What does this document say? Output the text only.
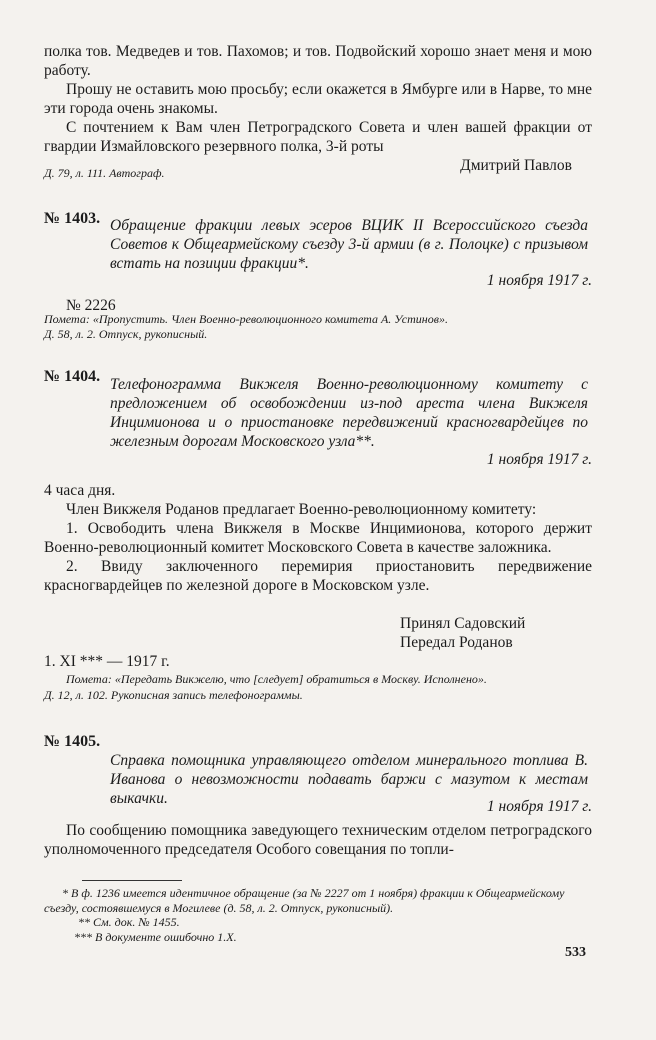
полка тов. Медведев и тов. Пахомов; и тов. Подвойский хорошо знает меня и мою работу.

Прошу не оставить мою просьбу; если окажется в Ямбурге или в Нарве, то мне эти города очень знакомы.

С почтением к Вам член Петроградского Совета и член вашей фракции от гвардии Измайловского резервного полка, 3-й роты

Дмитрий Павлов

Д. 79, л. 111. Автограф.

№ 1403. Обращение фракции левых эсеров ВЦИК II Всероссийского съезда Советов к Общеармейскому съезду 3-й армии (в г. Полоцке) с призывом встать на позиции фракции*.

1 ноября 1917 г.
№ 2226

Помета: «Пропустить. Член Военно-революционного комитета А. Устинов».

Д. 58, л. 2. Отпуск, рукописный.

№ 1404. Телефонограмма Викжеля Военно-революционному комитету с предложением об освобождении из-под ареста члена Викжеля Инцимионова и о приостановке передвижений красногвардейцев по железным дорогам Московского узла**.

1 ноября 1917 г.

4 часа дня.

Член Викжеля Роданов предлагает Военно-революционному комитету:

1. Освободить члена Викжеля в Москве Инцимионова, которого держит Военно-революционный комитет Московского Совета в качестве заложника.

2. Ввиду заключенного перемирия приостановить передвижение красногвардейцев по железной дороге в Московском узле.

Принял Садовский

Передал Роданов

1. XI *** — 1917 г.

Помета: «Передать Викжелю, что [следует] обратиться в Москву. Исполнено».

Д. 12, л. 102. Рукописная запись телефонограммы.

№ 1405.

Справка помощника управляющего отделом минерального топлива В. Иванова о невозможности подавать баржи с мазутом к местам выкачки.	1 ноября 1917 г.

По сообщению помощника заведующего техническим отделом петроградского уполномоченного председателя Особого совещания по топли-

* В ф. 1236 имеется идентичное обращение (за № 2227 от 1 ноября) фракции к Общеармейскому съезду, состоявшемуся в Могилеве (д. 58, л. 2. Отпуск, рукописный).

** См. док. № 1455.

*** В документе ошибочно 1.X.

533
